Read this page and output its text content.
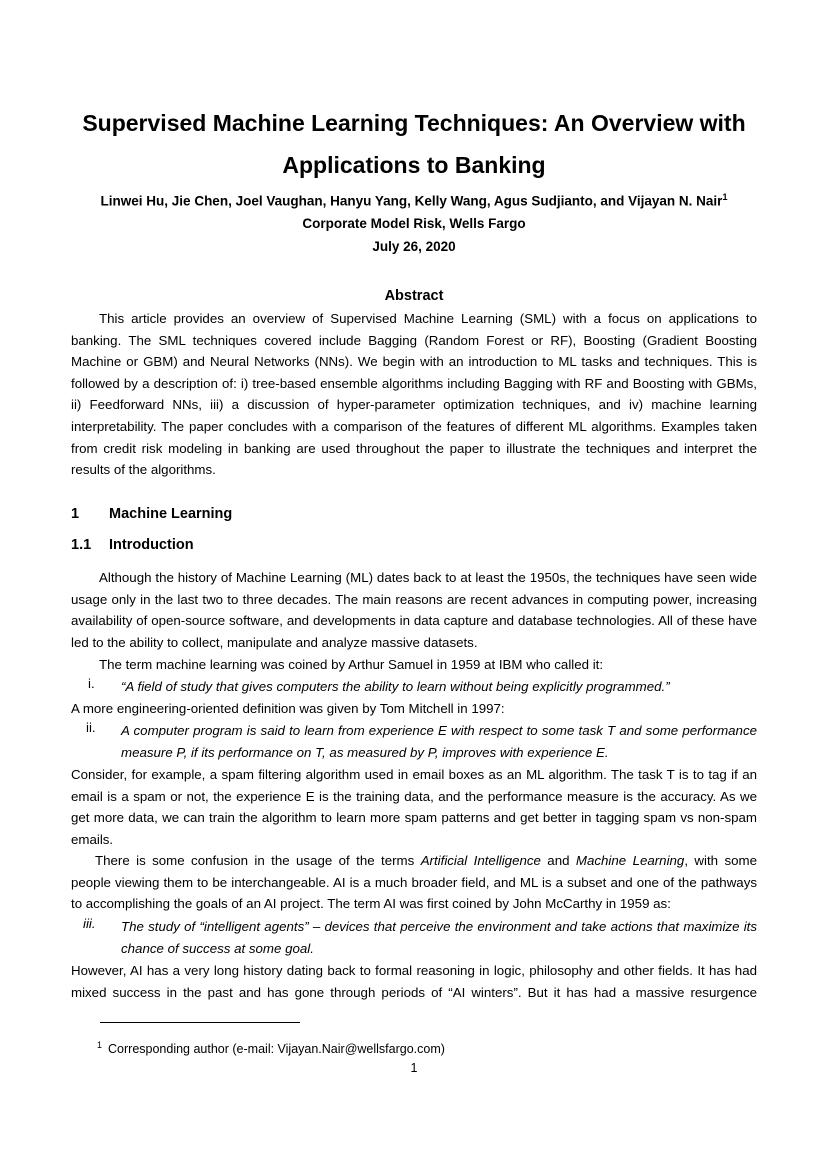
Supervised Machine Learning Techniques: An Overview with
Applications to Banking
Linwei Hu, Jie Chen, Joel Vaughan, Hanyu Yang, Kelly Wang, Agus Sudjianto, and Vijayan N. Nair$^1$
Corporate Model Risk, Wells Fargo
July 26, 2020
Abstract
This article provides an overview of Supervised Machine Learning (SML) with a focus on applications to banking. The SML techniques covered include Bagging (Random Forest or RF), Boosting (Gradient Boosting Machine or GBM) and Neural Networks (NNs). We begin with an introduction to ML tasks and techniques. This is followed by a description of: i) tree-based ensemble algorithms including Bagging with RF and Boosting with GBMs, ii) Feedforward NNs, iii) a discussion of hyper-parameter optimization techniques, and iv) machine learning interpretability. The paper concludes with a comparison of the features of different ML algorithms. Examples taken from credit risk modeling in banking are used throughout the paper to illustrate the techniques and interpret the results of the algorithms.
1 Machine Learning
1.1 Introduction
Although the history of Machine Learning (ML) dates back to at least the 1950s, the techniques have seen wide usage only in the last two to three decades. The main reasons are recent advances in computing power, increasing availability of open-source software, and developments in data capture and database technologies. All of these have led to the ability to collect, manipulate and analyze massive datasets.
The term machine learning was coined by Arthur Samuel in 1959 at IBM who called it:
i. “A field of study that gives computers the ability to learn without being explicitly programmed.”
A more engineering-oriented definition was given by Tom Mitchell in 1997:
ii. A computer program is said to learn from experience E with respect to some task T and some performance measure P, if its performance on T, as measured by P, improves with experience E.
Consider, for example, a spam filtering algorithm used in email boxes as an ML algorithm. The task T is to tag if an email is a spam or not, the experience E is the training data, and the performance measure is the accuracy. As we get more data, we can train the algorithm to learn more spam patterns and get better in tagging spam vs non-spam emails.
There is some confusion in the usage of the terms Artificial Intelligence and Machine Learning, with some people viewing them to be interchangeable. AI is a much broader field, and ML is a subset and one of the pathways to accomplishing the goals of an AI project. The term AI was first coined by John McCarthy in 1959 as:
iii. The study of “intelligent agents” – devices that perceive the environment and take actions that maximize its chance of success at some goal.
However, AI has a very long history dating back to formal reasoning in logic, philosophy and other fields. It has had mixed success in the past and has gone through periods of “AI winters”. But it has had a massive resurgence
$^1$ Corresponding author (e-mail: Vijayan.Nair@wellsfargo.com)
1
